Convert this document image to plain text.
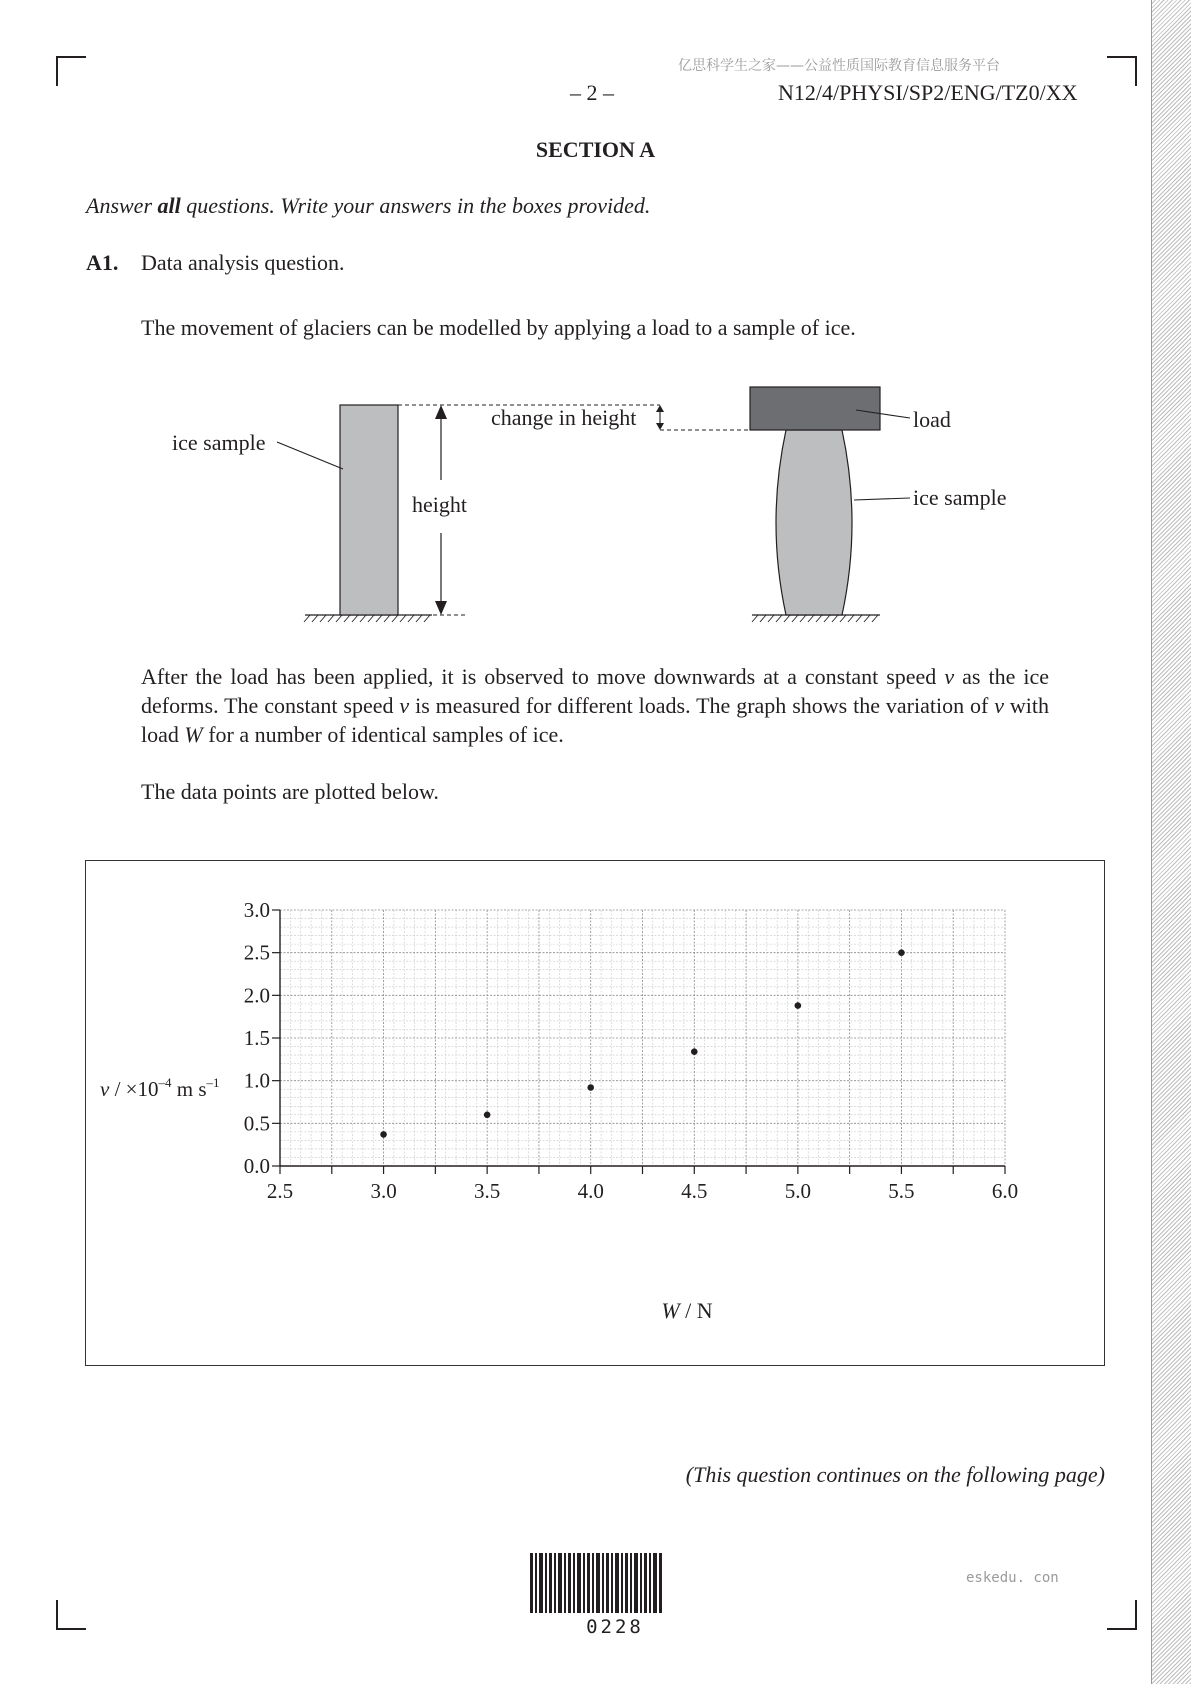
亿思科学生之家——公益性质国际教育信息服务平台
– 2 –	N12/4/PHYSI/SP2/ENG/TZ0/XX
SECTION A
Answer all questions. Write your answers in the boxes provided.
A1. Data analysis question.
The movement of glaciers can be modelled by applying a load to a sample of ice.
ice sample
height
change in height	load
ice sample
After the load has been applied, it is observed to move downwards at a constant speed v as the ice deforms. The constant speed v is measured for different loads. The graph shows the variation of v with load W for a number of identical samples of ice.
The data points are plotted below.
2.5	3.0	3.5	4.0	4.5	5.0	5.5	6.0
0.0
0.5
1.0
1.5
2.0
2.5
3.0
W / N
$v / \times 10^{-4}$ m $s^{-1}$
(This question continues on the following page)
0228
eskedu. con
